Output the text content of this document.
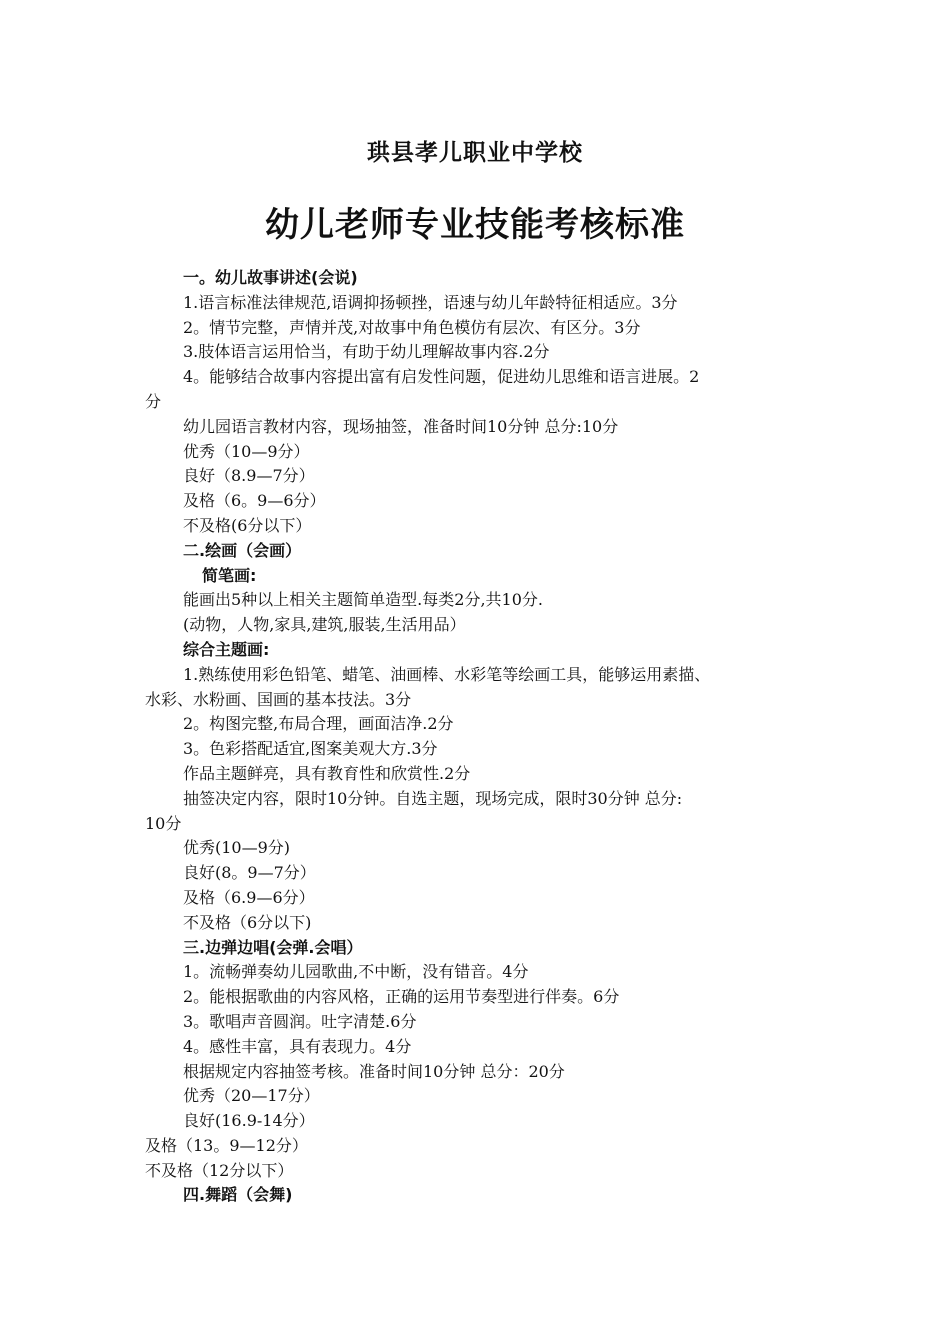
珙县孝儿职业中学校
幼儿老师专业技能考核标准
一。幼儿故事讲述(会说)
1.语言标准法律规范,语调抑扬顿挫，语速与幼儿年龄特征相适应。3分
2。情节完整，声情并茂,对故事中角色模仿有层次、有区分。3分
3.肢体语言运用恰当，有助于幼儿理解故事内容.2分
4。能够结合故事内容提出富有启发性问题，促进幼儿思维和语言进展。2
分
幼儿园语言教材内容，现场抽签，准备时间10分钟 总分:10分
优秀（10—9分）
良好（8.9—7分）
及格（6。9—6分）
不及格(6分以下）
二.绘画（会画）
简笔画:
能画出5种以上相关主题简单造型.每类2分,共10分.
(动物，人物,家具,建筑,服装,生活用品）
综合主题画:
1.熟练使用彩色铅笔、蜡笔、油画棒、水彩笔等绘画工具，能够运用素描、
水彩、水粉画、国画的基本技法。3分
2。构图完整,布局合理，画面洁净.2分
3。色彩搭配适宜,图案美观大方.3分
作品主题鲜亮，具有教育性和欣赏性.2分
抽签决定内容，限时10分钟。自选主题，现场完成，限时30分钟 总分:
10分
优秀(10—9分)
良好(8。9—7分）
及格（6.9—6分）
不及格（6分以下)
三.边弹边唱(会弹.会唱）
1。流畅弹奏幼儿园歌曲,不中断，没有错音。4分
2。能根据歌曲的内容风格，正确的运用节奏型进行伴奏。6分
3。歌唱声音圆润。吐字清楚.6分
4。感性丰富，具有表现力。4分
根据规定内容抽签考核。准备时间10分钟 总分：20分
优秀（20—17分）
良好(16.9-14分）
及格（13。9—12分）
不及格（12分以下）
四.舞蹈（会舞)
